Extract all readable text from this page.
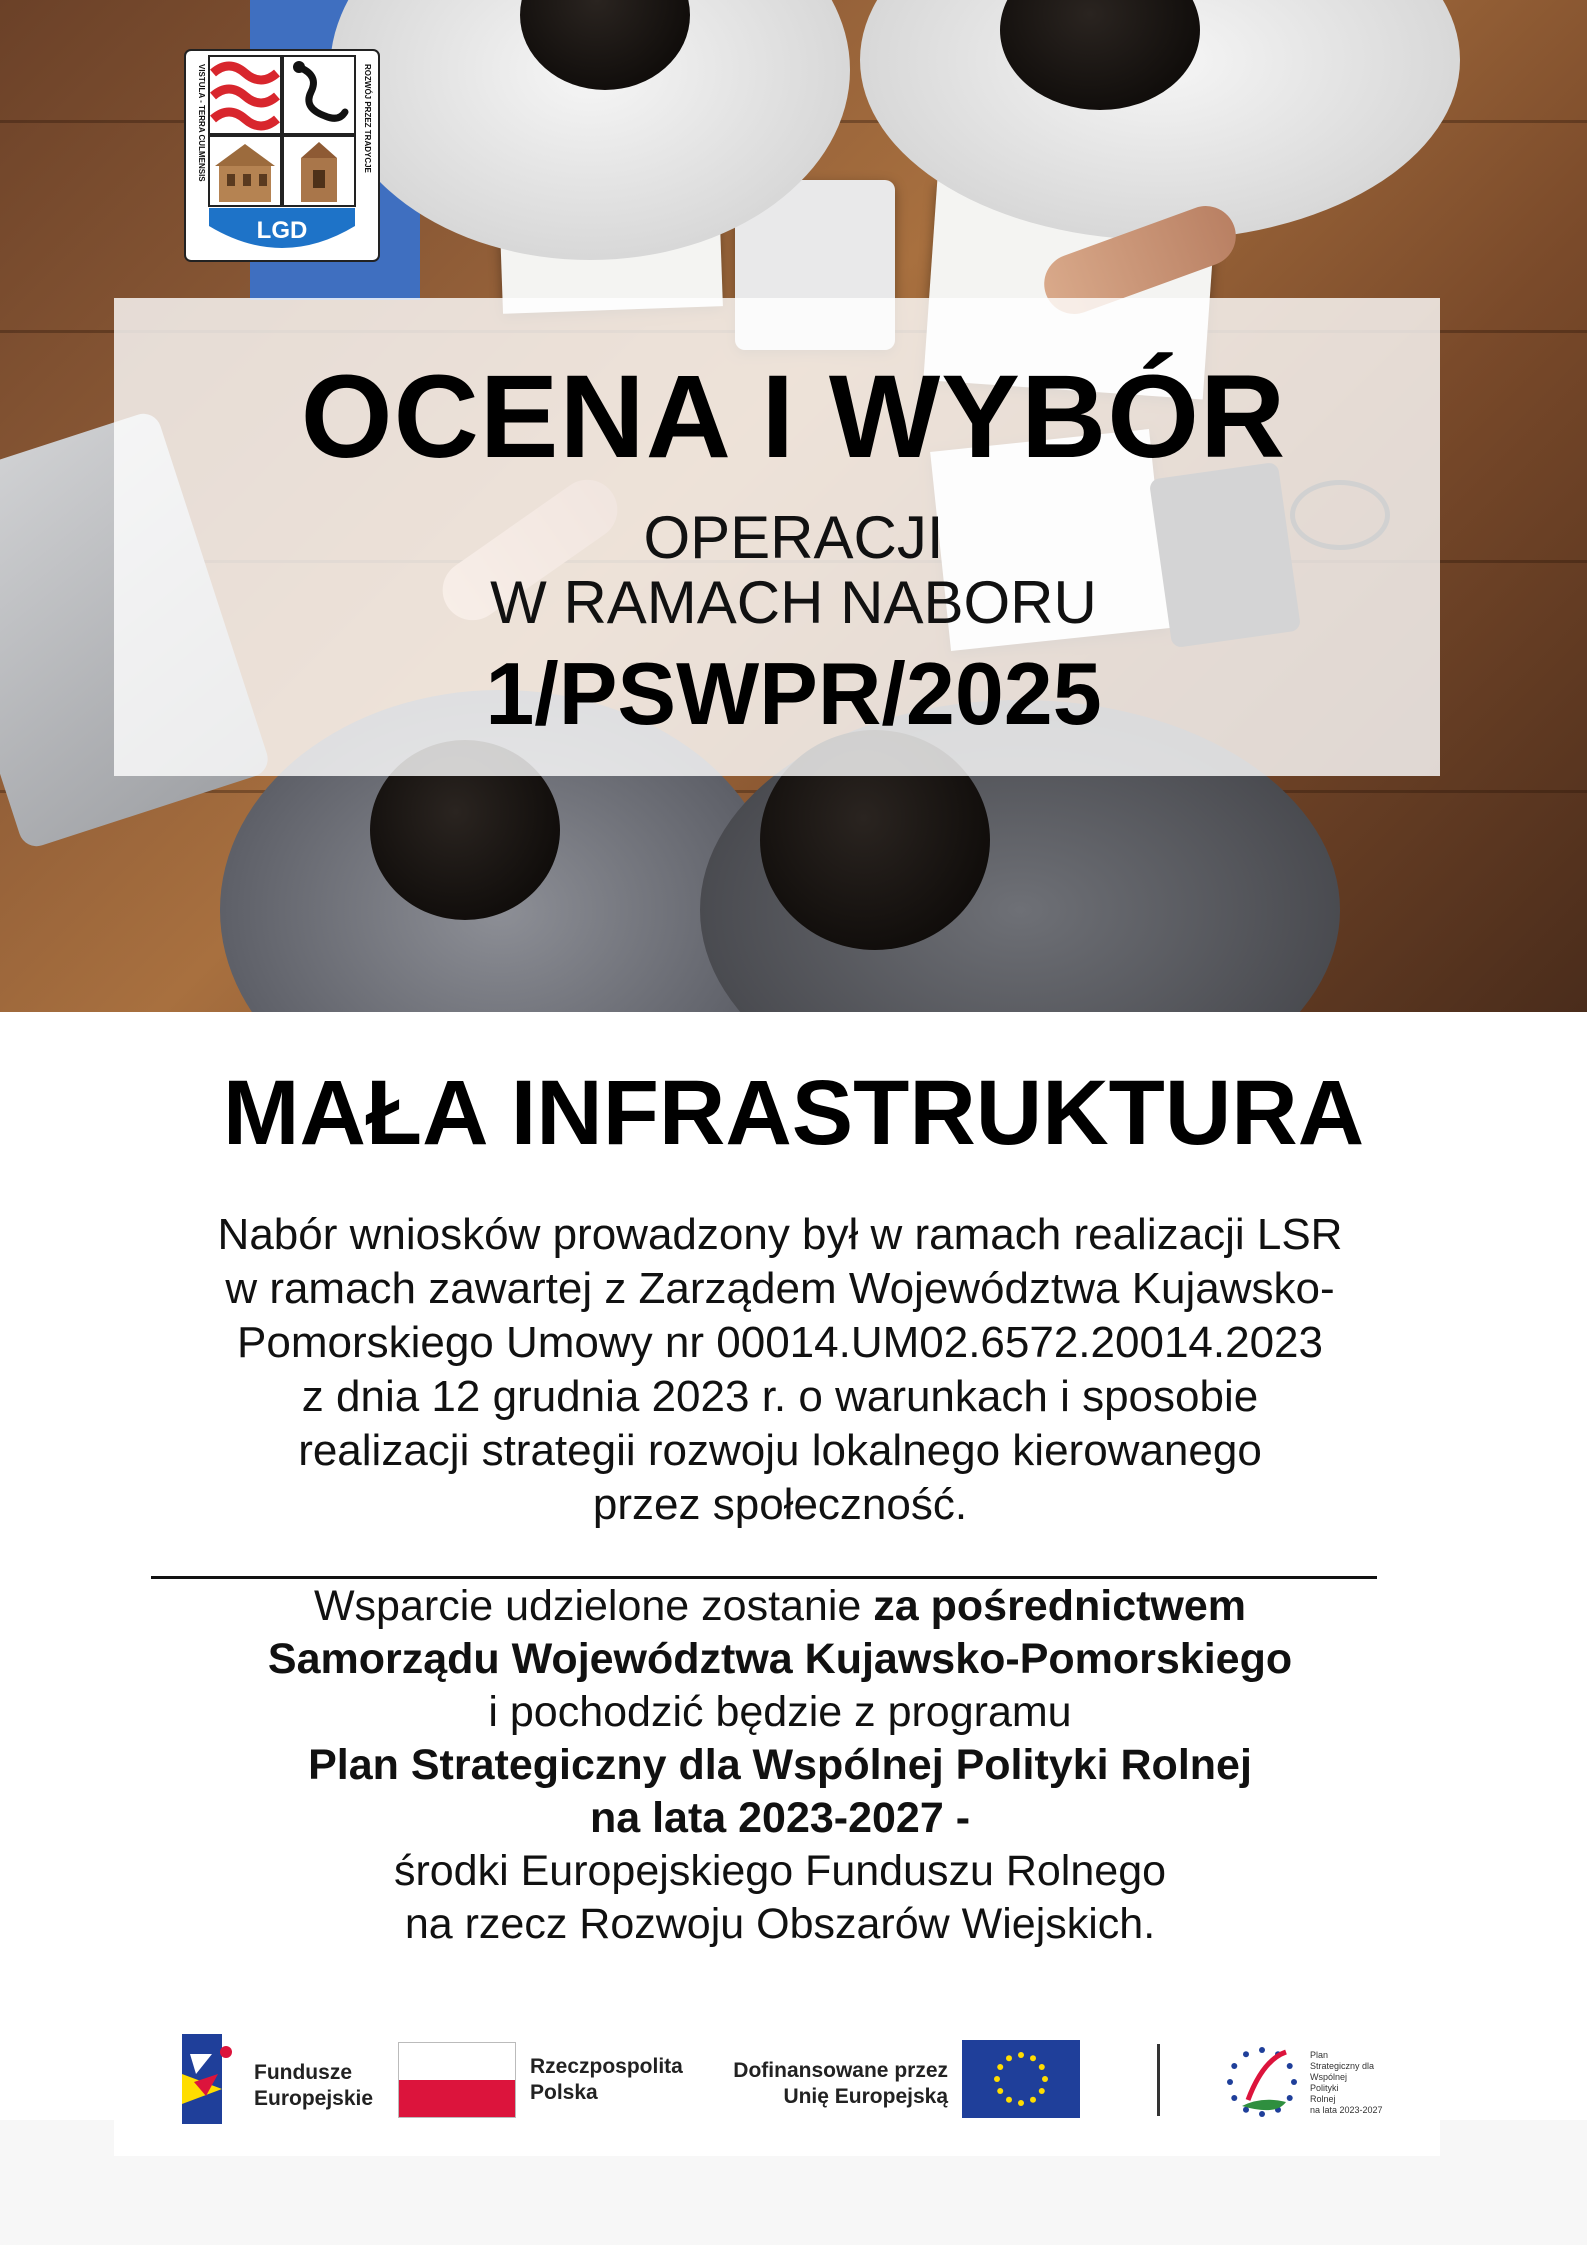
LGD
VISTULA - TERRA CULMENSIS	ROZWÓJ PRZEZ TRADYCJE
OCENA I WYBÓR

OPERACJI

W RAMACH NABORU

1/PSWPR/2025

MAŁA INFRASTRUKTURA
Nabór wniosków prowadzony był w ramach realizacji LSR
w ramach zawartej z Zarządem Województwa Kujawsko-
Pomorskiego Umowy nr 00014.UM02.6572.20014.2023
z dnia 12 grudnia 2023 r. o warunkach i sposobie
realizacji strategii rozwoju lokalnego kierowanego
przez społeczność.
Wsparcie udzielone zostanie za pośrednictwem
Samorządu Województwa Kujawsko-Pomorskiego
i pochodzić będzie z programu
Plan Strategiczny dla Wspólnej Polityki Rolnej
na lata 2023-2027 -
środki Europejskiego Funduszu Rolnego
na rzecz Rozwoju Obszarów Wiejskich.
Fundusze
Europejskie
Rzeczpospolita
Polska
Dofinansowane przez
Unię Europejską
Plan
Strategiczny dla
Wspólnej
Polityki
Rolnej
na lata 2023-2027
